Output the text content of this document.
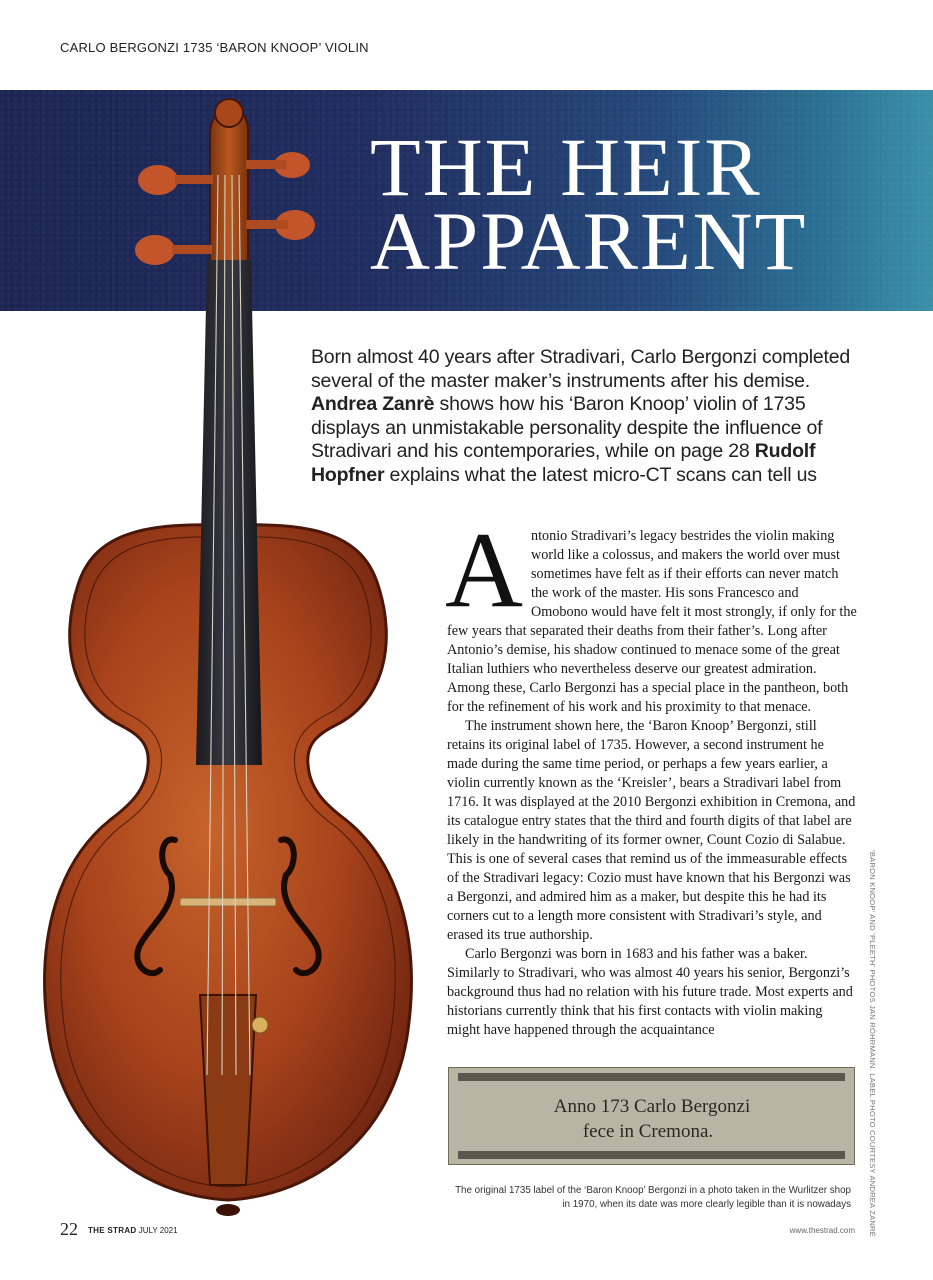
CARLO BERGONZI 1735 ‘BARON KNOOP’ VIOLIN
THE HEIR
APPARENT
Born almost 40 years after Stradivari, Carlo Bergonzi completed several of the master maker’s instruments after his demise. Andrea Zanrè shows how his ‘Baron Knoop’ violin of 1735 displays an unmistakable personality despite the influence of Stradivari and his contemporaries, while on page 28 Rudolf Hopfner explains what the latest micro-CT scans can tell us

Antonio Stradivari’s legacy bestrides the violin making world like a colossus, and makers the world over must sometimes have felt as if their efforts can never match the work of the master. His sons Francesco and Omobono would have felt it most strongly, if only for the few years that separated their deaths from their father’s. Long after Antonio’s demise, his shadow continued to menace some of the great Italian luthiers who nevertheless deserve our greatest admiration. Among these, Carlo Bergonzi has a special place in the pantheon, both for the refinement of his work and his proximity to that menace.

The instrument shown here, the ‘Baron Knoop’ Bergonzi, still retains its original label of 1735. However, a second instrument he made during the same time period, or perhaps a few years earlier, a violin currently known as the ‘Kreisler’, bears a Stradivari label from 1716. It was displayed at the 2010 Bergonzi exhibition in Cremona, and its catalogue entry states that the third and fourth digits of that label are likely in the handwriting of its former owner, Count Cozio di Salabue. This is one of several cases that remind us of the immeasurable effects of the Stradivari legacy: Cozio must have known that his Bergonzi was a Bergonzi, and admired him as a maker, but despite this he had its corners cut to a length more consistent with Stradivari’s style, and erased its true authorship.

Carlo Bergonzi was born in 1683 and his father was a baker. Similarly to Stradivari, who was almost 40 years his senior, Bergonzi’s background thus had no relation with his future trade. Most experts and historians currently think that his first contacts with violin making might have happened through the acquaintance

Anno 173 Carlo Bergonzi
fece in Cremona.
The original 1735 label of the ‘Baron Knoop’ Bergonzi in a photo taken in the Wurlitzer shop in 1970, when its date was more clearly legible than it is nowadays ‘BARON KNOOP’ AND ‘PLEETH’ PHOTOS JAN RÖHRMANN. LABEL PHOTO COURTESY ANDREA ZANRÈ
22 THE STRAD JULY 2021	www.thestrad.com
